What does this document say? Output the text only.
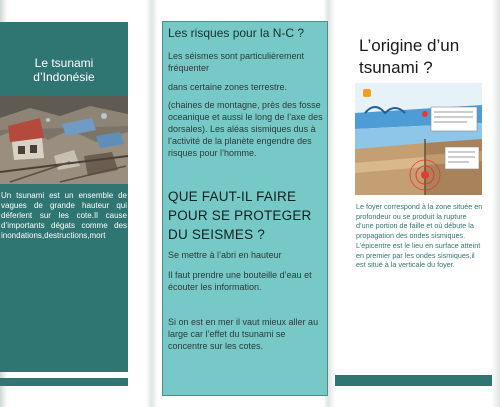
Le tsunami
d’Indonésie
Un tsunami est un ensemble de vagues de grande hauteur qui déferlent sur les cote.Il cause d’importants dégats comme des inondations,destructions,mort
Les risques pour la N-C ?
Les séismes sont particulièrement fréquenter
dans certaine zones terrestre.
(chaines de montagne, près des fosse oceanique et aussi le long de l’axe des dorsales). Les aléas sismiques dus à l’activité de la planète engendre des risques pour l’homme.
QUE FAUT-IL FAIRE POUR SE PROTEGER DU SEISMES ?
Se mettre à l’abri en hauteur
Il faut prendre une bouteille d’eau et écouter les information.
Si on est en mer il vaut mieux aller au large car l’effet du tsunami se concentre sur les cotes.
L’origine d’un
tsunami ?
Le foyer correspond à la zone située en profondeur ou se produit la rupture d’une portion de faille et où débute la propagation des ondes sismiques. L’épicentre est le lieu en surface atteint en premier par les ondes sismiques,il est situé à la verticale du foyer.
